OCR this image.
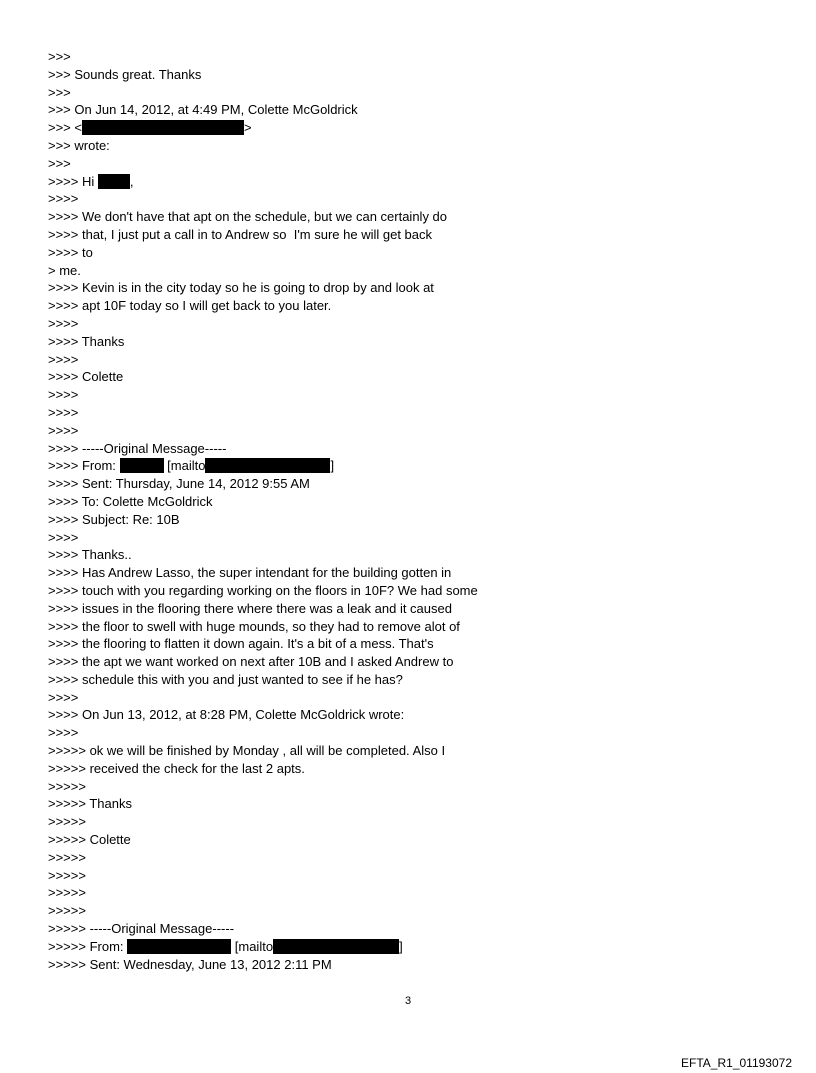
>>>
>>> Sounds great. Thanks
>>>
>>> On Jun 14, 2012, at 4:49 PM, Colette McGoldrick
>>> <	>
>>> wrote:
>>>
>>>> Hi	,
>>>>
>>>> We don't have that apt on the schedule, but we can certainly do
>>>> that, I just put a call in to Andrew so  I'm sure he will get back
>>>> to
> me.
>>>> Kevin is in the city today so he is going to drop by and look at
>>>> apt 10F today so I will get back to you later.
>>>>
>>>> Thanks
>>>>
>>>> Colette
>>>>
>>>>
>>>>
>>>> -----Original Message-----
>>>> From:	[mailto	]
>>>> Sent: Thursday, June 14, 2012 9:55 AM
>>>> To: Colette McGoldrick
>>>> Subject: Re: 10B
>>>>
>>>> Thanks..
>>>> Has Andrew Lasso, the super intendant for the building gotten in
>>>> touch with you regarding working on the floors in 10F? We had some
>>>> issues in the flooring there where there was a leak and it caused
>>>> the floor to swell with huge mounds, so they had to remove alot of
>>>> the flooring to flatten it down again. It's a bit of a mess. That's
>>>> the apt we want worked on next after 10B and I asked Andrew to
>>>> schedule this with you and just wanted to see if he has?
>>>>
>>>> On Jun 13, 2012, at 8:28 PM, Colette McGoldrick wrote:
>>>>
>>>>> ok we will be finished by Monday , all will be completed. Also I
>>>>> received the check for the last 2 apts.
>>>>>
>>>>> Thanks
>>>>>
>>>>> Colette
>>>>>
>>>>>
>>>>>
>>>>>
>>>>> -----Original Message-----
>>>>> From:	[mailto	]
>>>>> Sent: Wednesday, June 13, 2012 2:11 PM
3
EFTA_R1_01193072
